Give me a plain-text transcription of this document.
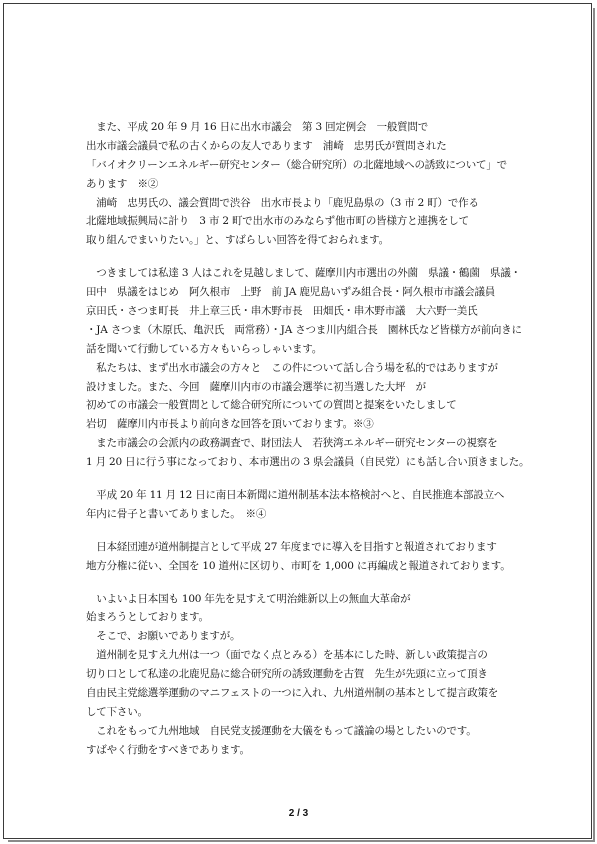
　また、平成 20 年 9 月 16 日に出水市議会　第 3 回定例会　一般質問で
出水市議会議員で私の古くからの友人であります　浦崎　忠男氏が質問された
「バイオクリーンエネルギー研究センター（総合研究所）の北薩地域への誘致について」で
あります　※②
　浦崎　忠男氏の、議会質問で渋谷　出水市長より「鹿児島県の（3 市 2 町）で作る
北薩地域振興局に計り　3 市 2 町で出水市のみならず他市町の皆様方と連携をして
取り組んでまいりたい。」と、すばらしい回答を得ておられます。
　つきましては私達 3 人はこれを見越しまして、薩摩川内市選出の外薗　県議・鶴薗　県議・
田中　県議をはじめ　阿久根市　上野　前 JA 鹿児島いずみ組合長・阿久根市市議会議員
京田氏・さつま町長　井上章三氏・串木野市長　田畑氏・串木野市議　大六野一美氏
・JA さつま（木原氏、亀沢氏　両常務）・JA さつま川内組合長　園林氏など皆様方が前向きに
話を聞いて行動している方々もいらっしゃいます。
　私たちは、まず出水市議会の方々と　この件について話し合う場を私的ではありますが
設けました。また、今回　薩摩川内市の市議会選挙に初当選した大坪　が
初めての市議会一般質問として総合研究所についての質問と提案をいたしまして
岩切　薩摩川内市長より前向きな回答を頂いております。※③
　また市議会の会派内の政務調査で、財団法人　若狭湾エネルギー研究センターの視察を
1 月 20 日に行う事になっており、本市選出の 3 県会議員（自民党）にも話し合い頂きました。
　平成 20 年 11 月 12 日に南日本新聞に道州制基本法本格検討へと、自民推進本部設立へ
年内に骨子と書いてありました。　※④
　日本経団連が道州制提言として平成 27 年度までに導入を目指すと報道されております
地方分権に従い、全国を 10 道州に区切り、市町を 1,000 に再編成と報道されております。
　いよいよ日本国も 100 年先を見すえて明治維新以上の無血大革命が
始まろうとしております。
　そこで、お願いでありますが。
　道州制を見すえ九州は一つ（面でなく点とみる）を基本にした時、新しい政策提言の
切り口として私達の北鹿児島に総合研究所の誘致運動を古賀　先生が先頭に立って頂き
自由民主党総選挙運動のマニフェストの一つに入れ、九州道州制の基本として提言政策を
して下さい。
　これをもって九州地域　自民党支援運動を大儀をもって議論の場としたいのです。
すばやく行動をすべきであります。
2 / 3
